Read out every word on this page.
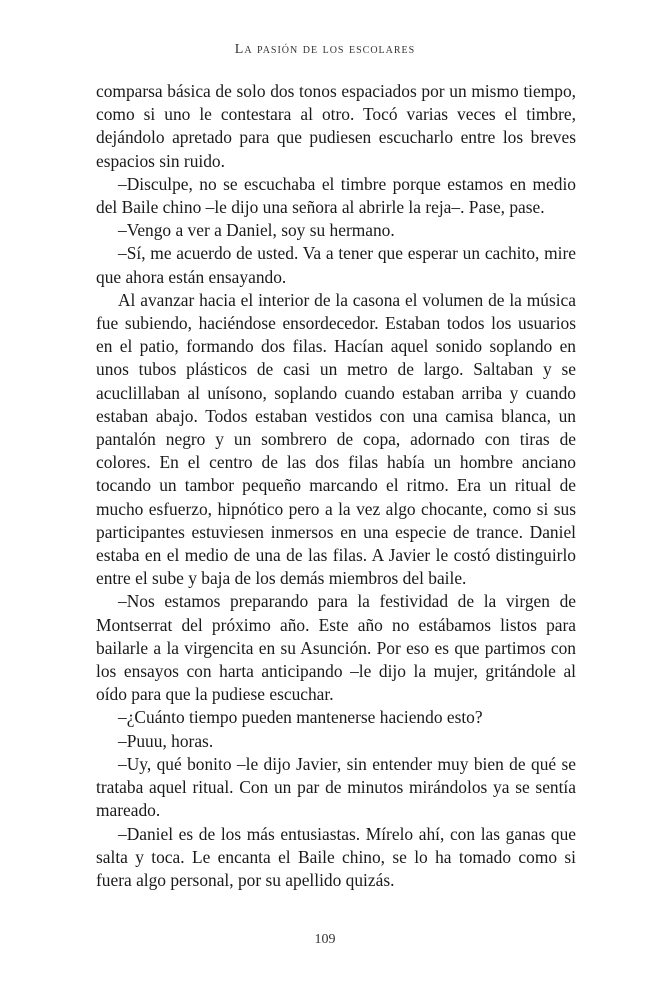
La pasión de los escolares

comparsa básica de solo dos tonos espaciados por un mismo tiempo, como si uno le contestara al otro. Tocó varias veces el timbre, dejándolo apretado para que pudiesen escucharlo entre los breves espacios sin ruido.

–Disculpe, no se escuchaba el timbre porque estamos en medio del Baile chino –le dijo una señora al abrirle la reja–. Pase, pase.

–Vengo a ver a Daniel, soy su hermano.

–Sí, me acuerdo de usted. Va a tener que esperar un cachito, mire que ahora están ensayando.

Al avanzar hacia el interior de la casona el volumen de la música fue subiendo, haciéndose ensordecedor. Estaban todos los usuarios en el patio, formando dos filas. Hacían aquel sonido soplando en unos tubos plásticos de casi un metro de largo. Saltaban y se acuclillaban al unísono, soplando cuando estaban arriba y cuando estaban abajo. Todos estaban vestidos con una camisa blanca, un pantalón negro y un sombrero de copa, adornado con tiras de colores. En el centro de las dos filas había un hombre anciano tocando un tambor pequeño marcando el ritmo. Era un ritual de mucho esfuerzo, hipnótico pero a la vez algo chocante, como si sus participantes estuviesen inmersos en una especie de trance. Daniel estaba en el medio de una de las filas. A Javier le costó distinguirlo entre el sube y baja de los demás miembros del baile.

–Nos estamos preparando para la festividad de la virgen de Montserrat del próximo año. Este año no estábamos listos para bailarle a la virgencita en su Asunción. Por eso es que partimos con los ensayos con harta anticipando –le dijo la mujer, gritándole al oído para que la pudiese escuchar.

–¿Cuánto tiempo pueden mantenerse haciendo esto?

–Puuu, horas.

–Uy, qué bonito –le dijo Javier, sin entender muy bien de qué se trataba aquel ritual. Con un par de minutos mirándolos ya se sentía mareado.

–Daniel es de los más entusiastas. Mírelo ahí, con las ganas que salta y toca. Le encanta el Baile chino, se lo ha tomado como si fuera algo personal, por su apellido quizás.

109
